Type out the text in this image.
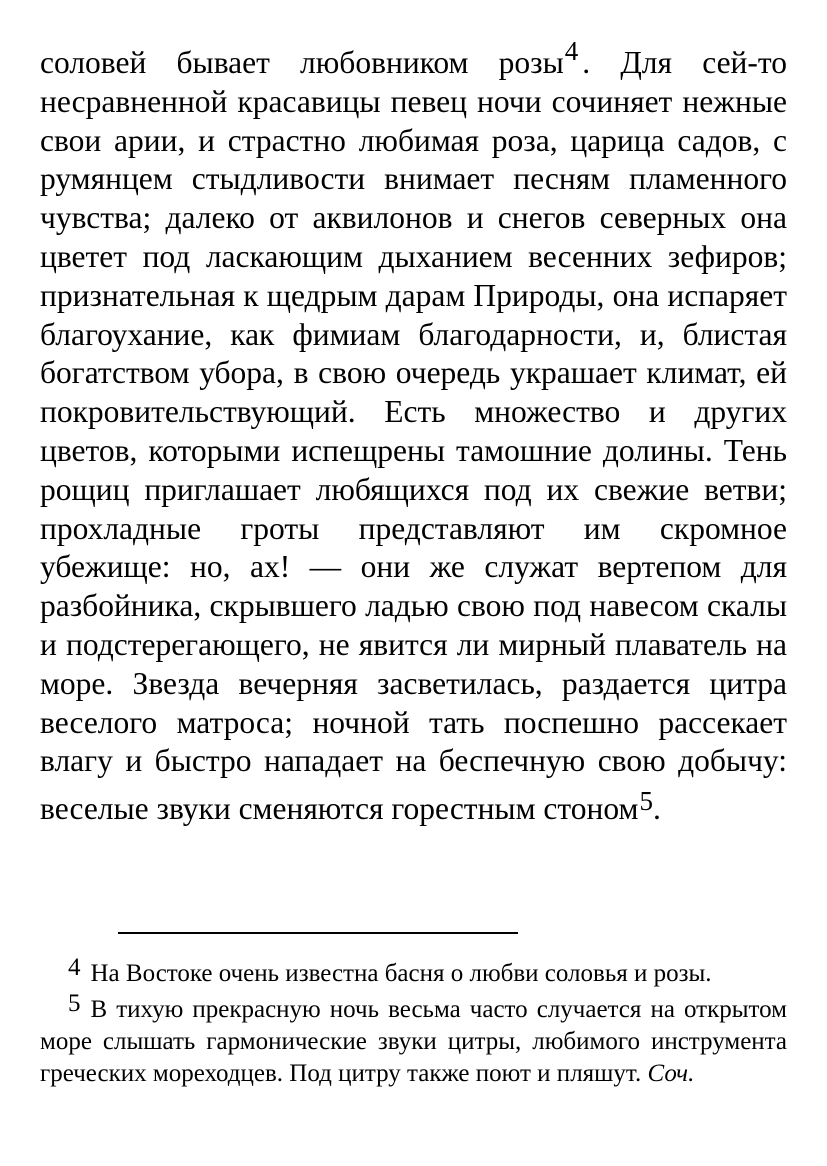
соловей бывает любовником розы4 . Для сей-то несравненной красавицы певец ночи сочиняет нежные свои арии, и страстно любимая роза, царица садов, с румянцем стыдливости внимает песням пламенного чувства; далеко от аквилонов и снегов северных она цветет под ласкающим дыханием весенних зефиров; признательная к щедрым дарам Природы, она испаряет благоухание, как фимиам благодарности, и, блистая богатством убора, в свою очередь украшает климат, ей покровительствующий. Есть множество и других цветов, которыми испещрены тамошние долины. Тень рощиц приглашает любящихся под их свежие ветви; прохладные гроты представляют им скромное убежище: но, ах! — они же служат вертепом для разбойника, скрывшего ладью свою под навесом скалы и подстерегающего, не явится ли мирный плаватель на море. Звезда вечерняя засветилась, раздается цитра веселого матроса; ночной тать поспешно рассекает влагу и быстро нападает на беспечную свою добычу: веселые звуки сменяются горестным стоном5.

4 На Востоке очень известна басня о любви соловья и розы.

5 В тихую прекрасную ночь весьма часто случается на открытом море слышать гармонические звуки цитры, любимого инструмента греческих мореходцев. Под цитру также поют и пляшут. Соч.
